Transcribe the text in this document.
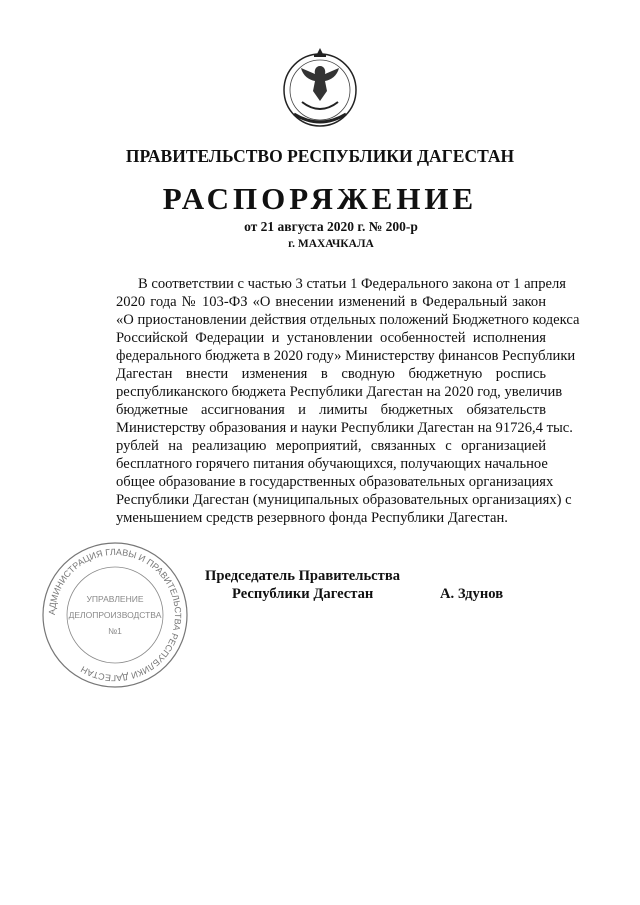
ПРАВИТЕЛЬСТВО РЕСПУБЛИКИ ДАГЕСТАН
РАСПОРЯЖЕНИЕ
от 21 августа 2020 г. № 200-р
г. МАХАЧКАЛА
В соответствии с частью 3 статьи 1 Федерального закона от 1 апреля
2020 года № 103-ФЗ «О внесении изменений в Федеральный закон
«О приостановлении действия отдельных положений Бюджетного кодекса
Российской Федерации и установлении особенностей исполнения
федерального бюджета в 2020 году» Министерству финансов Республики
Дагестан внести изменения в сводную бюджетную роспись
республиканского бюджета Республики Дагестан на 2020 год, увеличив
бюджетные ассигнования и лимиты бюджетных обязательств
Министерству образования и науки Республики Дагестан на 91726,4 тыс.
рублей на реализацию мероприятий, связанных с организацией
бесплатного горячего питания обучающихся, получающих начальное
общее образование в государственных образовательных организациях
Республики Дагестан (муниципальных образовательных организациях) с
уменьшением средств резервного фонда Республики Дагестан.
АДМИНИСТРАЦИЯ ГЛАВЫ И ПРАВИТЕЛЬСТВА РЕСПУБЛИКИ ДАГЕСТАН
УПРАВЛЕНИЕ
ДЕЛОПРОИЗВОДСТВА
№1
Председатель Правительства
Республики Дагестан	А. Здунов
